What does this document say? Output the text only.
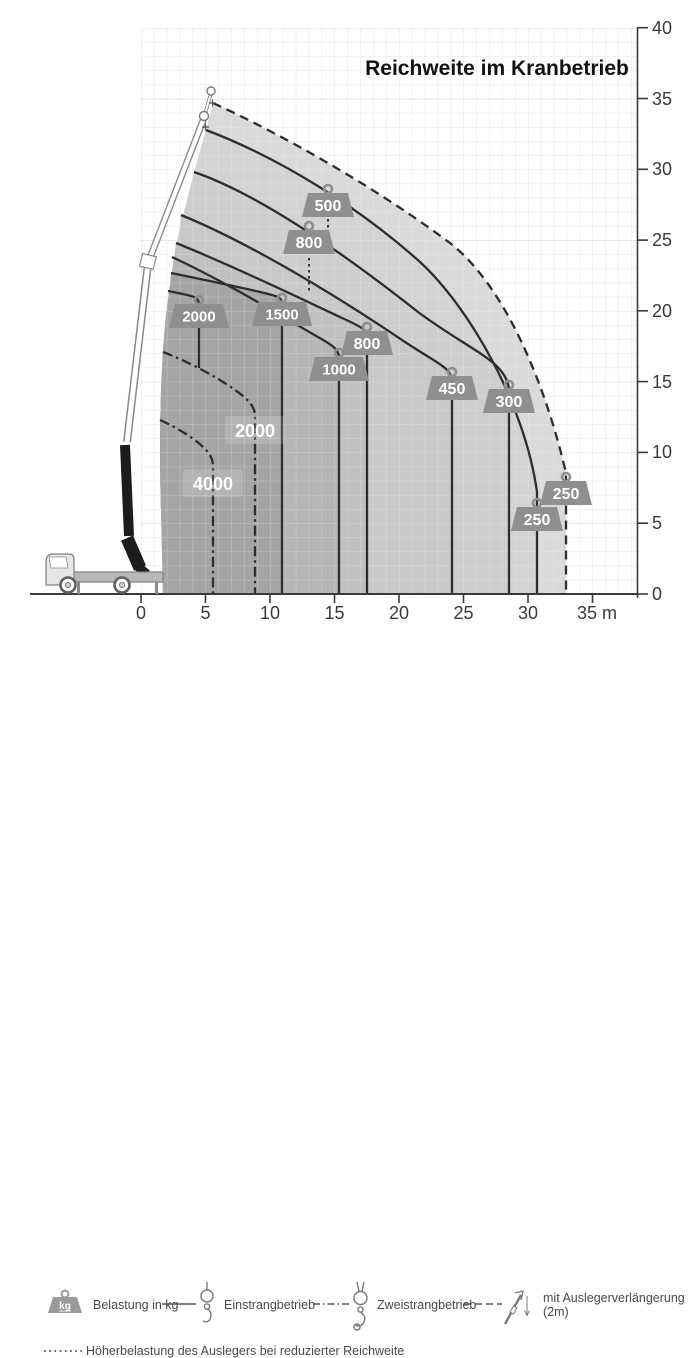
0	5	10 15 20 25 30 35 m
0
5
10
15
20
25
30
35
40
500
800
2000	1500
800
1000
450
300
250
250
4000
2000
Reichweite im Kranbetrieb
kg Belastung in kg	Einstrangbetrieb	Zweistrangbetrieb	mit Auslegerverlängerung
(2m)
Höherbelastung des Auslegers bei reduzierter Reichweite
